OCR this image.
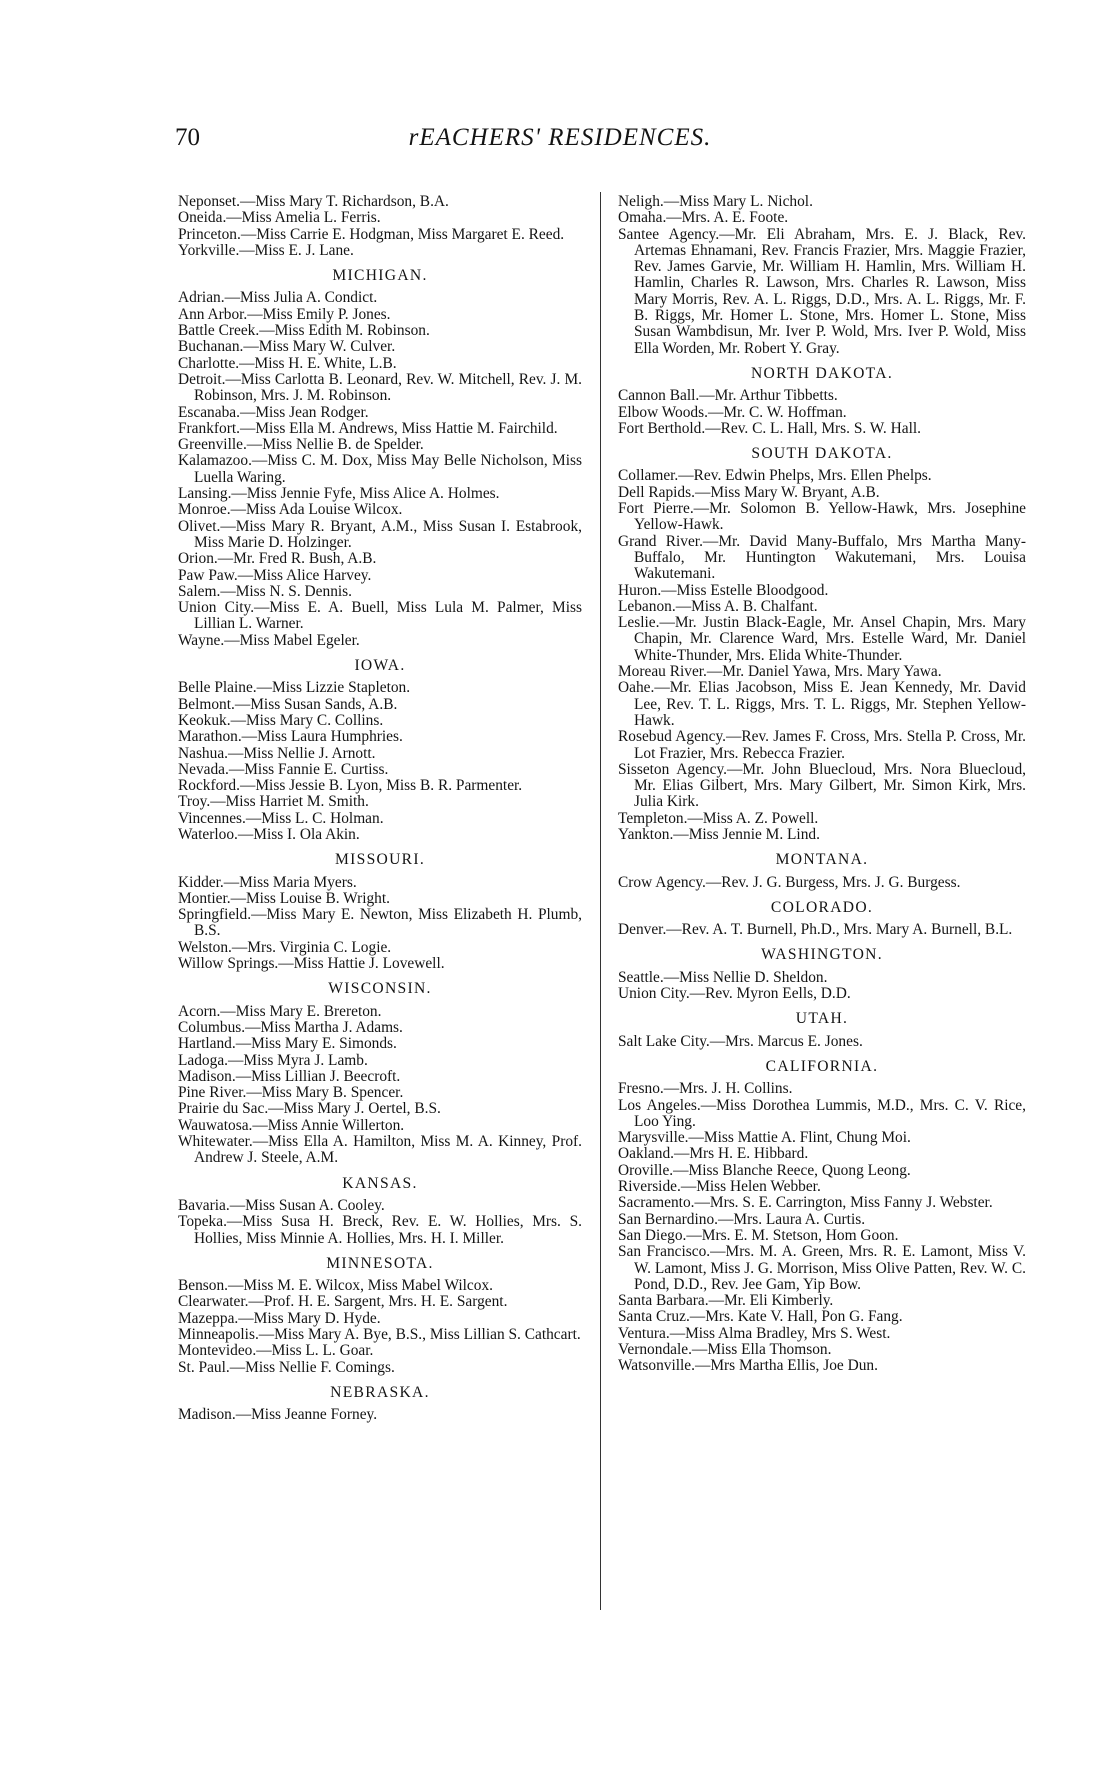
70	rEACHERS' RESIDENCES.

Neponset.—Miss Mary T. Richardson, B.A.

Oneida.—Miss Amelia L. Ferris.

Princeton.—Miss Carrie E. Hodgman, Miss Margaret E. Reed.

Yorkville.—Miss E. J. Lane.

MICHIGAN.

Adrian.—Miss Julia A. Condict.

Ann Arbor.—Miss Emily P. Jones.

Battle Creek.—Miss Edith M. Robinson.

Buchanan.—Miss Mary W. Culver.

Charlotte.—Miss H. E. White, L.B.

Detroit.—Miss Carlotta B. Leonard, Rev. W. Mitchell, Rev. J. M. Robinson, Mrs. J. M. Robinson.

Escanaba.—Miss Jean Rodger.

Frankfort.—Miss Ella M. Andrews, Miss Hattie M. Fairchild.

Greenville.—Miss Nellie B. de Spelder.

Kalamazoo.—Miss C. M. Dox, Miss May Belle Nicholson, Miss Luella Waring.

Lansing.—Miss Jennie Fyfe, Miss Alice A. Holmes.

Monroe.—Miss Ada Louise Wilcox.

Olivet.—Miss Mary R. Bryant, A.M., Miss Susan I. Estabrook, Miss Marie D. Holzinger.

Orion.—Mr. Fred R. Bush, A.B.

Paw Paw.—Miss Alice Harvey.

Salem.—Miss N. S. Dennis.

Union City.—Miss E. A. Buell, Miss Lula M. Palmer, Miss Lillian L. Warner.

Wayne.—Miss Mabel Egeler.

IOWA.

Belle Plaine.—Miss Lizzie Stapleton.

Belmont.—Miss Susan Sands, A.B.

Keokuk.—Miss Mary C. Collins.

Marathon.—Miss Laura Humphries.

Nashua.—Miss Nellie J. Arnott.

Nevada.—Miss Fannie E. Curtiss.

Rockford.—Miss Jessie B. Lyon, Miss B. R. Parmenter.

Troy.—Miss Harriet M. Smith.

Vincennes.—Miss L. C. Holman.

Waterloo.—Miss I. Ola Akin.

MISSOURI.

Kidder.—Miss Maria Myers.

Montier.—Miss Louise B. Wright.

Springfield.—Miss Mary E. Newton, Miss Elizabeth H. Plumb, B.S.

Welston.—Mrs. Virginia C. Logie.

Willow Springs.—Miss Hattie J. Lovewell.

WISCONSIN.

Acorn.—Miss Mary E. Brereton.

Columbus.—Miss Martha J. Adams.

Hartland.—Miss Mary E. Simonds.

Ladoga.—Miss Myra J. Lamb.

Madison.—Miss Lillian J. Beecroft.

Pine River.—Miss Mary B. Spencer.

Prairie du Sac.—Miss Mary J. Oertel, B.S.

Wauwatosa.—Miss Annie Willerton.

Whitewater.—Miss Ella A. Hamilton, Miss M. A. Kinney, Prof. Andrew J. Steele, A.M.

KANSAS.

Bavaria.—Miss Susan A. Cooley.

Topeka.—Miss Susa H. Breck, Rev. E. W. Hollies, Mrs. S. Hollies, Miss Minnie A. Hollies, Mrs. H. I. Miller.

MINNESOTA.

Benson.—Miss M. E. Wilcox, Miss Mabel Wilcox.

Clearwater.—Prof. H. E. Sargent, Mrs. H. E. Sargent.

Mazeppa.—Miss Mary D. Hyde.

Minneapolis.—Miss Mary A. Bye, B.S., Miss Lillian S. Cathcart.

Montevideo.—Miss L. L. Goar.

St. Paul.—Miss Nellie F. Comings.

NEBRASKA.

Madison.—Miss Jeanne Forney.

Neligh.—Miss Mary L. Nichol.

Omaha.—Mrs. A. E. Foote.

Santee Agency.—Mr. Eli Abraham, Mrs. E. J. Black, Rev. Artemas Ehnamani, Rev. Francis Frazier, Mrs. Maggie Frazier, Rev. James Garvie, Mr. William H. Hamlin, Mrs. William H. Hamlin, Charles R. Lawson, Mrs. Charles R. Lawson, Miss Mary Morris, Rev. A. L. Riggs, D.D., Mrs. A. L. Riggs, Mr. F. B. Riggs, Mr. Homer L. Stone, Mrs. Homer L. Stone, Miss Susan Wambdisun, Mr. Iver P. Wold, Mrs. Iver P. Wold, Miss Ella Worden, Mr. Robert Y. Gray.

NORTH DAKOTA.

Cannon Ball.—Mr. Arthur Tibbetts.

Elbow Woods.—Mr. C. W. Hoffman.

Fort Berthold.—Rev. C. L. Hall, Mrs. S. W. Hall.

SOUTH DAKOTA.

Collamer.—Rev. Edwin Phelps, Mrs. Ellen Phelps.

Dell Rapids.—Miss Mary W. Bryant, A.B.

Fort Pierre.—Mr. Solomon B. Yellow-Hawk, Mrs. Josephine Yellow-Hawk.

Grand River.—Mr. David Many-Buffalo, Mrs Martha Many-Buffalo, Mr. Huntington Wakutemani, Mrs. Louisa Wakutemani.

Huron.—Miss Estelle Bloodgood.

Lebanon.—Miss A. B. Chalfant.

Leslie.—Mr. Justin Black-Eagle, Mr. Ansel Chapin, Mrs. Mary Chapin, Mr. Clarence Ward, Mrs. Estelle Ward, Mr. Daniel White-Thunder, Mrs. Elida White-Thunder.

Moreau River.—Mr. Daniel Yawa, Mrs. Mary Yawa.

Oahe.—Mr. Elias Jacobson, Miss E. Jean Kennedy, Mr. David Lee, Rev. T. L. Riggs, Mrs. T. L. Riggs, Mr. Stephen Yellow-Hawk.

Rosebud Agency.—Rev. James F. Cross, Mrs. Stella P. Cross, Mr. Lot Frazier, Mrs. Rebecca Frazier.

Sisseton Agency.—Mr. John Bluecloud, Mrs. Nora Bluecloud, Mr. Elias Gilbert, Mrs. Mary Gilbert, Mr. Simon Kirk, Mrs. Julia Kirk.

Templeton.—Miss A. Z. Powell.

Yankton.—Miss Jennie M. Lind.

MONTANA.

Crow Agency.—Rev. J. G. Burgess, Mrs. J. G. Burgess.

COLORADO.

Denver.—Rev. A. T. Burnell, Ph.D., Mrs. Mary A. Burnell, B.L.

WASHINGTON.

Seattle.—Miss Nellie D. Sheldon.

Union City.—Rev. Myron Eells, D.D.

UTAH.

Salt Lake City.—Mrs. Marcus E. Jones.

CALIFORNIA.

Fresno.—Mrs. J. H. Collins.

Los Angeles.—Miss Dorothea Lummis, M.D., Mrs. C. V. Rice, Loo Ying.

Marysville.—Miss Mattie A. Flint, Chung Moi.

Oakland.—Mrs H. E. Hibbard.

Oroville.—Miss Blanche Reece, Quong Leong.

Riverside.—Miss Helen Webber.

Sacramento.—Mrs. S. E. Carrington, Miss Fanny J. Webster.

San Bernardino.—Mrs. Laura A. Curtis.

San Diego.—Mrs. E. M. Stetson, Hom Goon.

San Francisco.—Mrs. M. A. Green, Mrs. R. E. Lamont, Miss V. W. Lamont, Miss J. G. Morrison, Miss Olive Patten, Rev. W. C. Pond, D.D., Rev. Jee Gam, Yip Bow.

Santa Barbara.—Mr. Eli Kimberly.

Santa Cruz.—Mrs. Kate V. Hall, Pon G. Fang.

Ventura.—Miss Alma Bradley, Mrs S. West.

Vernondale.—Miss Ella Thomson.

Watsonville.—Mrs Martha Ellis, Joe Dun.
